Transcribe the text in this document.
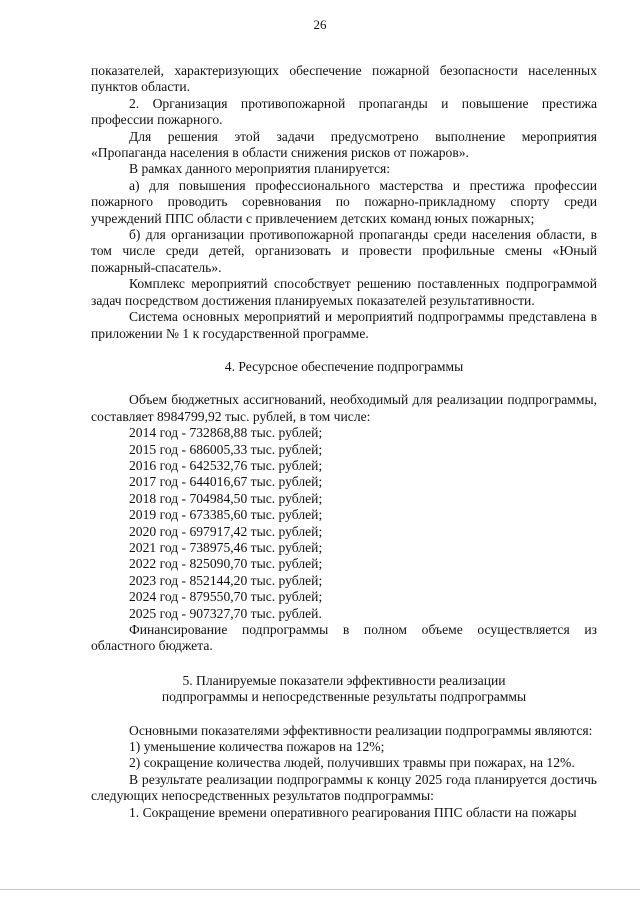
26

показателей, характеризующих обеспечение пожарной безопасности населенных пунктов области.

2. Организация противопожарной пропаганды и повышение престижа профессии пожарного.

Для решения этой задачи предусмотрено выполнение мероприятия «Пропаганда населения в области снижения рисков от пожаров».

В рамках данного мероприятия планируется:

а) для повышения профессионального мастерства и престижа профессии пожарного проводить соревнования по пожарно-прикладному спорту среди учреждений ППС области с привлечением детских команд юных пожарных;

б) для организации противопожарной пропаганды среди населения области, в том числе среди детей, организовать и провести профильные смены «Юный пожарный-спасатель».

Комплекс мероприятий способствует решению поставленных подпрограммой задач посредством достижения планируемых показателей результативности.

Система основных мероприятий и мероприятий подпрограммы представлена в приложении № 1 к государственной программе.

4. Ресурсное обеспечение подпрограммы

Объем бюджетных ассигнований, необходимый для реализации подпрограммы, составляет 8984799,92 тыс. рублей, в том числе:

2014 год - 732868,88 тыс. рублей;

2015 год - 686005,33 тыс. рублей;

2016 год - 642532,76 тыс. рублей;

2017 год - 644016,67 тыс. рублей;

2018 год - 704984,50 тыс. рублей;

2019 год - 673385,60 тыс. рублей;

2020 год - 697917,42 тыс. рублей;

2021 год - 738975,46 тыс. рублей;

2022 год - 825090,70 тыс. рублей;

2023 год - 852144,20 тыс. рублей;

2024 год - 879550,70 тыс. рублей;

2025 год - 907327,70 тыс. рублей.

Финансирование подпрограммы в полном объеме осуществляется из областного бюджета.

5. Планируемые показатели эффективности реализации
подпрограммы и непосредственные результаты подпрограммы

Основными показателями эффективности реализации подпрограммы являются:

1) уменьшение количества пожаров на 12%;

2) сокращение количества людей, получивших травмы при пожарах, на 12%.

В результате реализации подпрограммы к концу 2025 года планируется достичь следующих непосредственных результатов подпрограммы:

1. Сокращение времени оперативного реагирования ППС области на пожары
